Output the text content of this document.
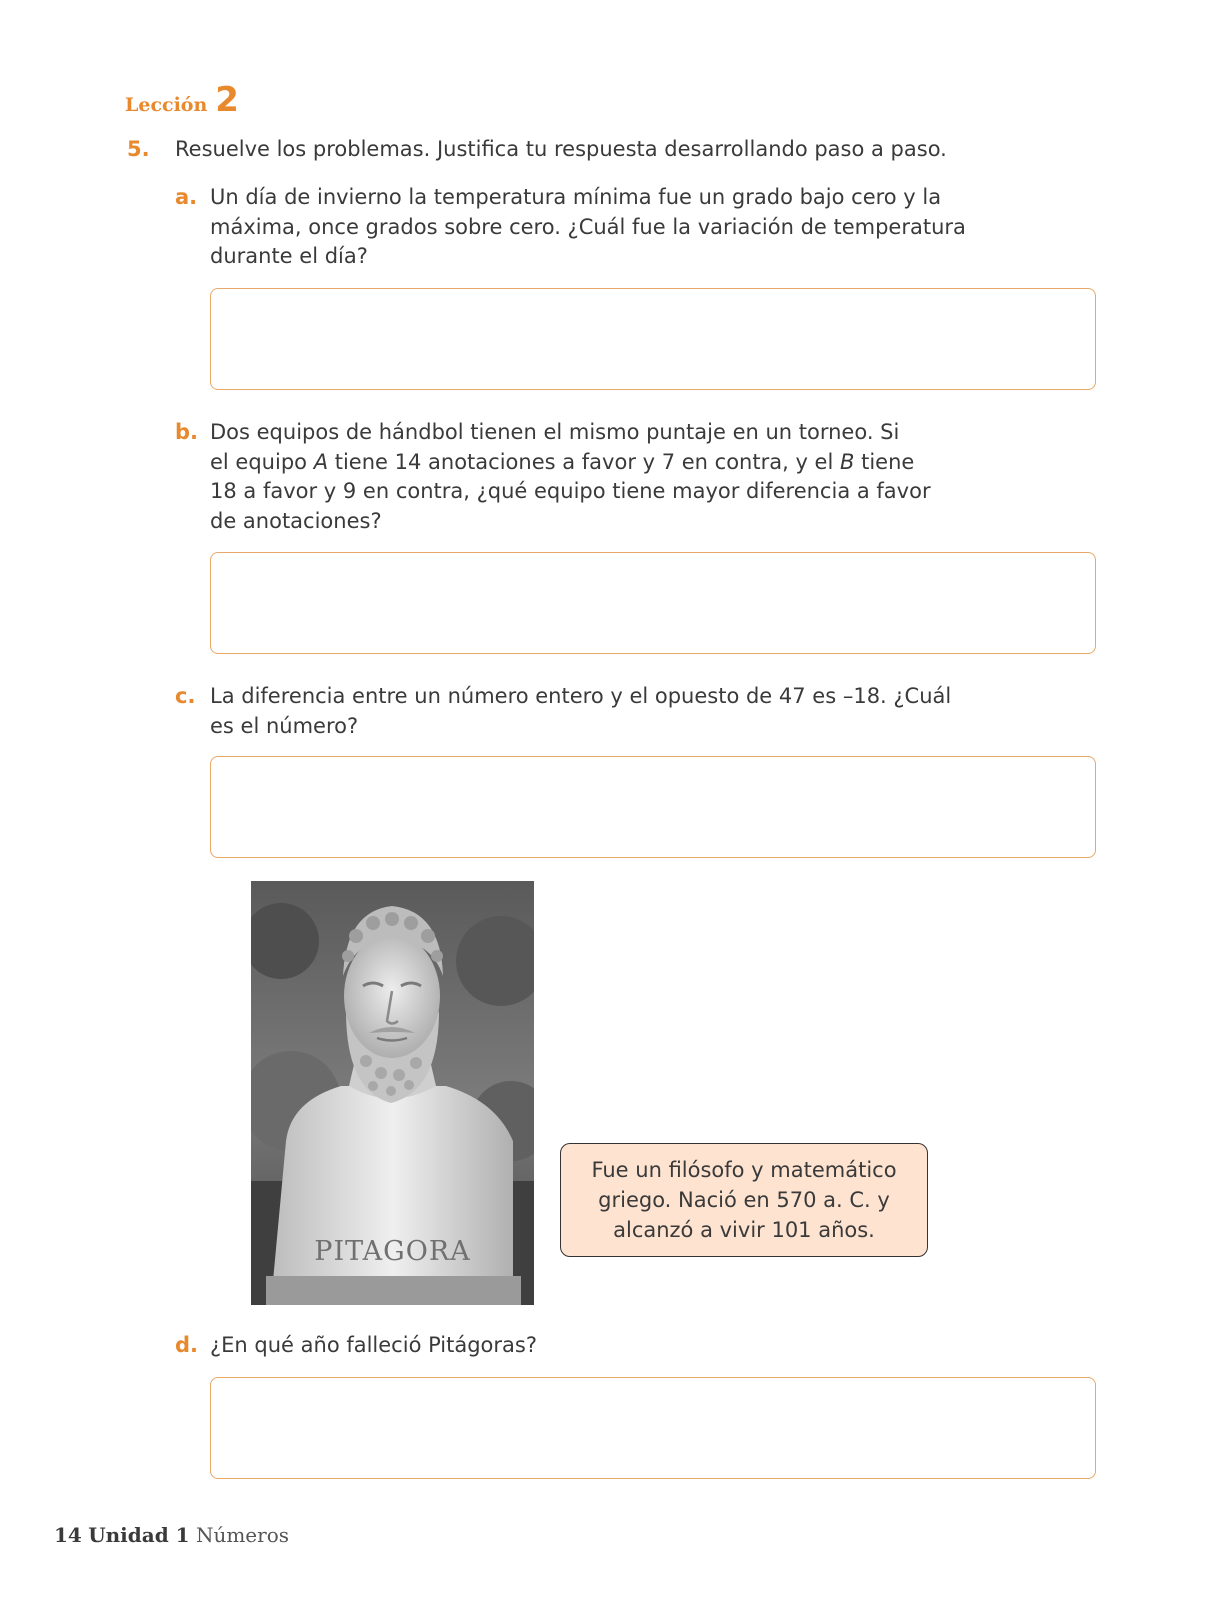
Lección 2
5. Resuelve los problemas. Justifica tu respuesta desarrollando paso a paso.
a. Un día de invierno la temperatura mínima fue un grado bajo cero y la
máxima, once grados sobre cero. ¿Cuál fue la variación de temperatura
durante el día?
b. Dos equipos de hándbol tienen el mismo puntaje en un torneo. Si
el equipo A tiene 14 anotaciones a favor y 7 en contra, y el B tiene
18 a favor y 9 en contra, ¿qué equipo tiene mayor diferencia a favor
de anotaciones?
c. La diferencia entre un número entero y el opuesto de 47 es –18. ¿Cuál
es el número?
PITAGORA
Fue un filósofo y matemático
griego. Nació en 570 a. C. y
alcanzó a vivir 101 años.
d. ¿En qué año falleció Pitágoras?
14 Unidad 1 Números
